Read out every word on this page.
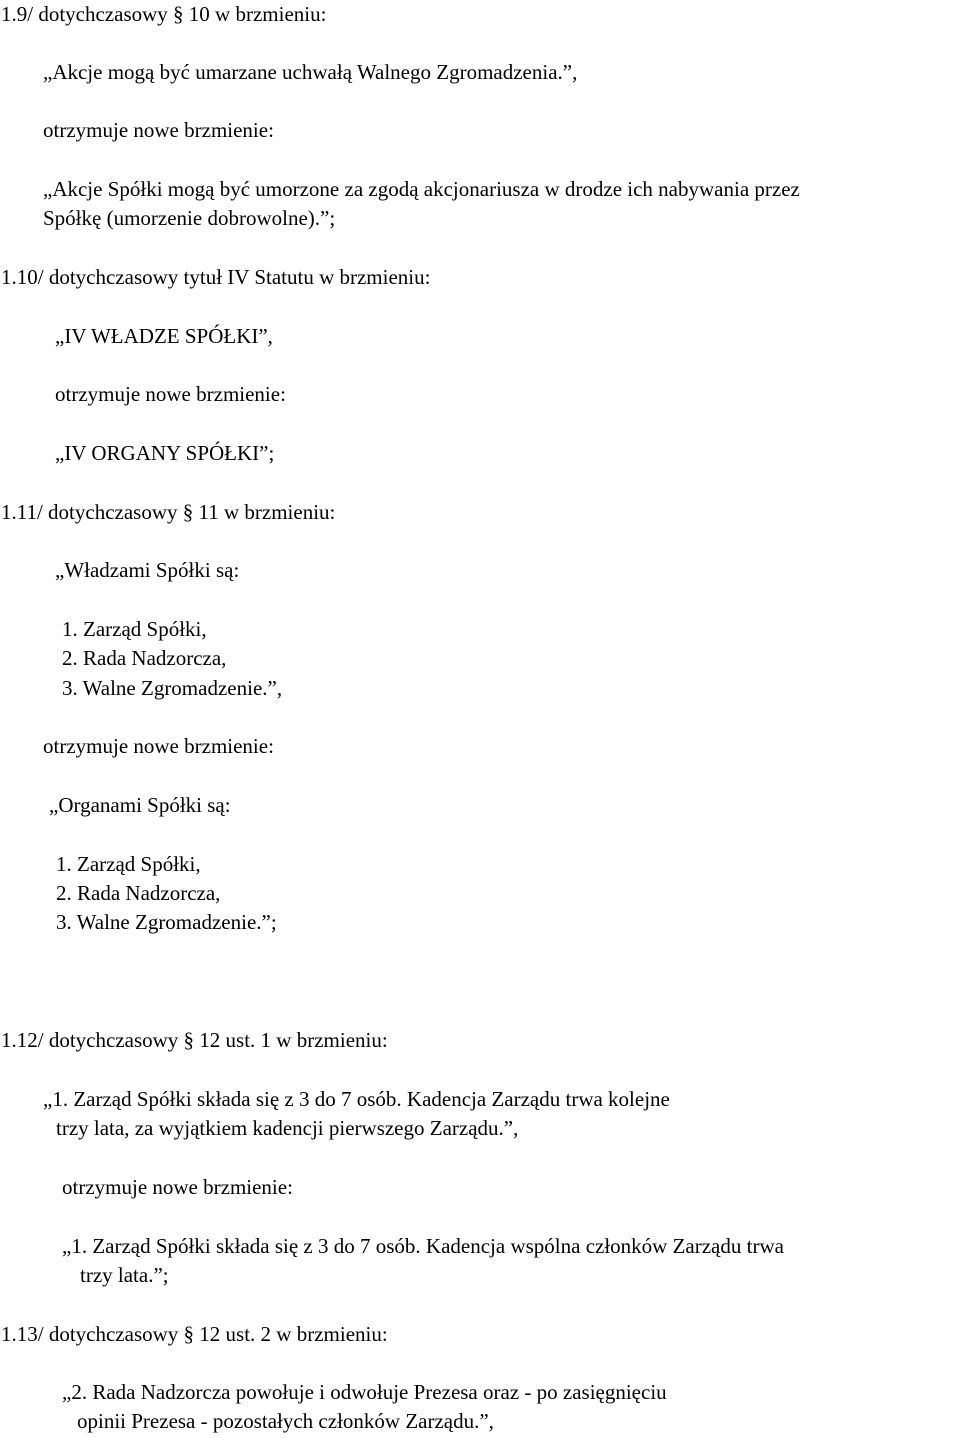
1.9/ dotychczasowy § 10 w brzmieniu:
„Akcje mogą być umarzane uchwałą Walnego Zgromadzenia.”,
otrzymuje nowe brzmienie:
„Akcje Spółki mogą być umorzone za zgodą akcjonariusza w drodze ich nabywania przez
Spółkę (umorzenie dobrowolne).”;
1.10/ dotychczasowy tytuł IV Statutu w brzmieniu:
„IV WŁADZE SPÓŁKI”,
otrzymuje nowe brzmienie:
„IV ORGANY SPÓŁKI”;
1.11/ dotychczasowy § 11 w brzmieniu:
„Władzami Spółki są:
1. Zarząd Spółki,
2. Rada Nadzorcza,
3. Walne Zgromadzenie.”,
otrzymuje nowe brzmienie:
„Organami Spółki są:
1. Zarząd Spółki,
2. Rada Nadzorcza,
3. Walne Zgromadzenie.”;
1.12/ dotychczasowy § 12 ust. 1 w brzmieniu:
„1. Zarząd Spółki składa się z 3 do 7 osób. Kadencja Zarządu trwa kolejne
trzy lata, za wyjątkiem kadencji pierwszego Zarządu.”,
otrzymuje nowe brzmienie:
„1. Zarząd Spółki składa się z 3 do 7 osób. Kadencja wspólna członków Zarządu trwa
trzy lata.”;
1.13/ dotychczasowy § 12 ust. 2 w brzmieniu:
„2. Rada Nadzorcza powołuje i odwołuje Prezesa oraz - po zasięgnięciu
opinii Prezesa - pozostałych członków Zarządu.”,
